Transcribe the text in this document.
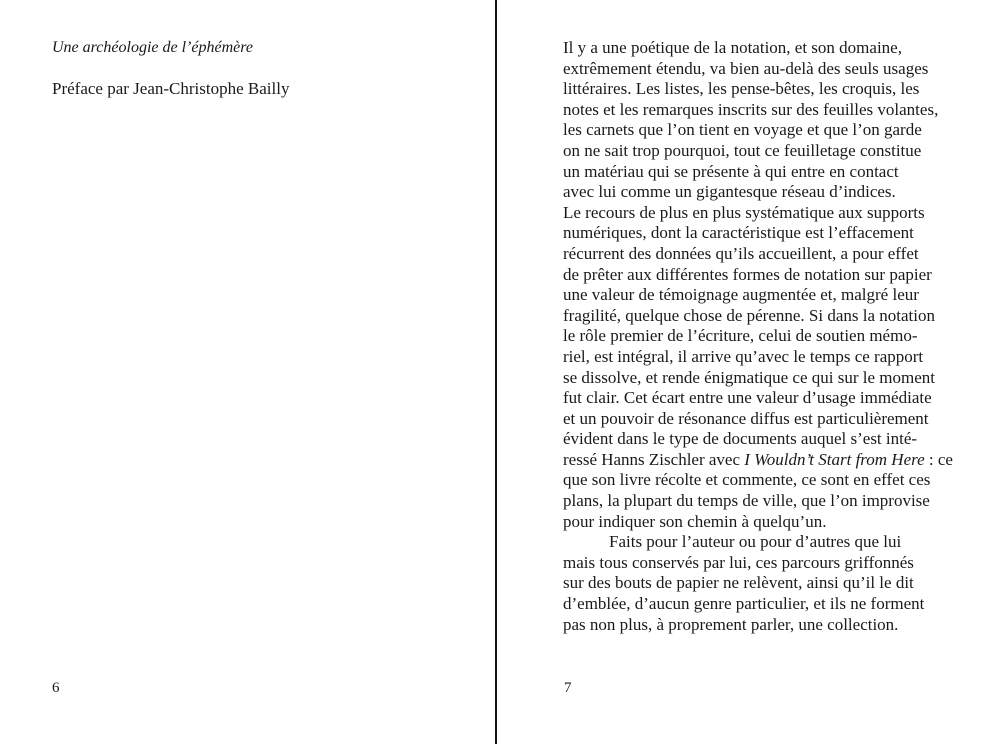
Une archéologie de l’éphémère
Préface par Jean-Christophe Bailly
6
Il y a une poétique de la notation, et son domaine,
extrêmement étendu, va bien au-delà des seuls usages
littéraires. Les listes, les pense-bêtes, les croquis, les
notes et les remarques inscrits sur des feuilles volantes,
les carnets que l’on tient en voyage et que l’on garde
on ne sait trop pourquoi, tout ce feuilletage constitue
un matériau qui se présente à qui entre en contact
avec lui comme un gigantesque réseau d’indices.
Le recours de plus en plus systématique aux supports
numériques, dont la caractéristique est l’effacement
récurrent des données qu’ils accueillent, a pour effet
de prêter aux différentes formes de notation sur papier
une valeur de témoignage augmentée et, malgré leur
fragilité, quelque chose de pérenne. Si dans la notation
le rôle premier de l’écriture, celui de soutien mémo-
riel, est intégral, il arrive qu’avec le temps ce rapport
se dissolve, et rende énigmatique ce qui sur le moment
fut clair. Cet écart entre une valeur d’usage immédiate
et un pouvoir de résonance diffus est particulièrement
évident dans le type de documents auquel s’est inté-
ressé Hanns Zischler avec I Wouldn’t Start from Here : ce
que son livre récolte et commente, ce sont en effet ces
plans, la plupart du temps de ville, que l’on improvise
pour indiquer son chemin à quelqu’un.
Faits pour l’auteur ou pour d’autres que lui
mais tous conservés par lui, ces parcours griffonnés
sur des bouts de papier ne relèvent, ainsi qu’il le dit
d’emblée, d’aucun genre particulier, et ils ne forment
pas non plus, à proprement parler, une collection.
7
